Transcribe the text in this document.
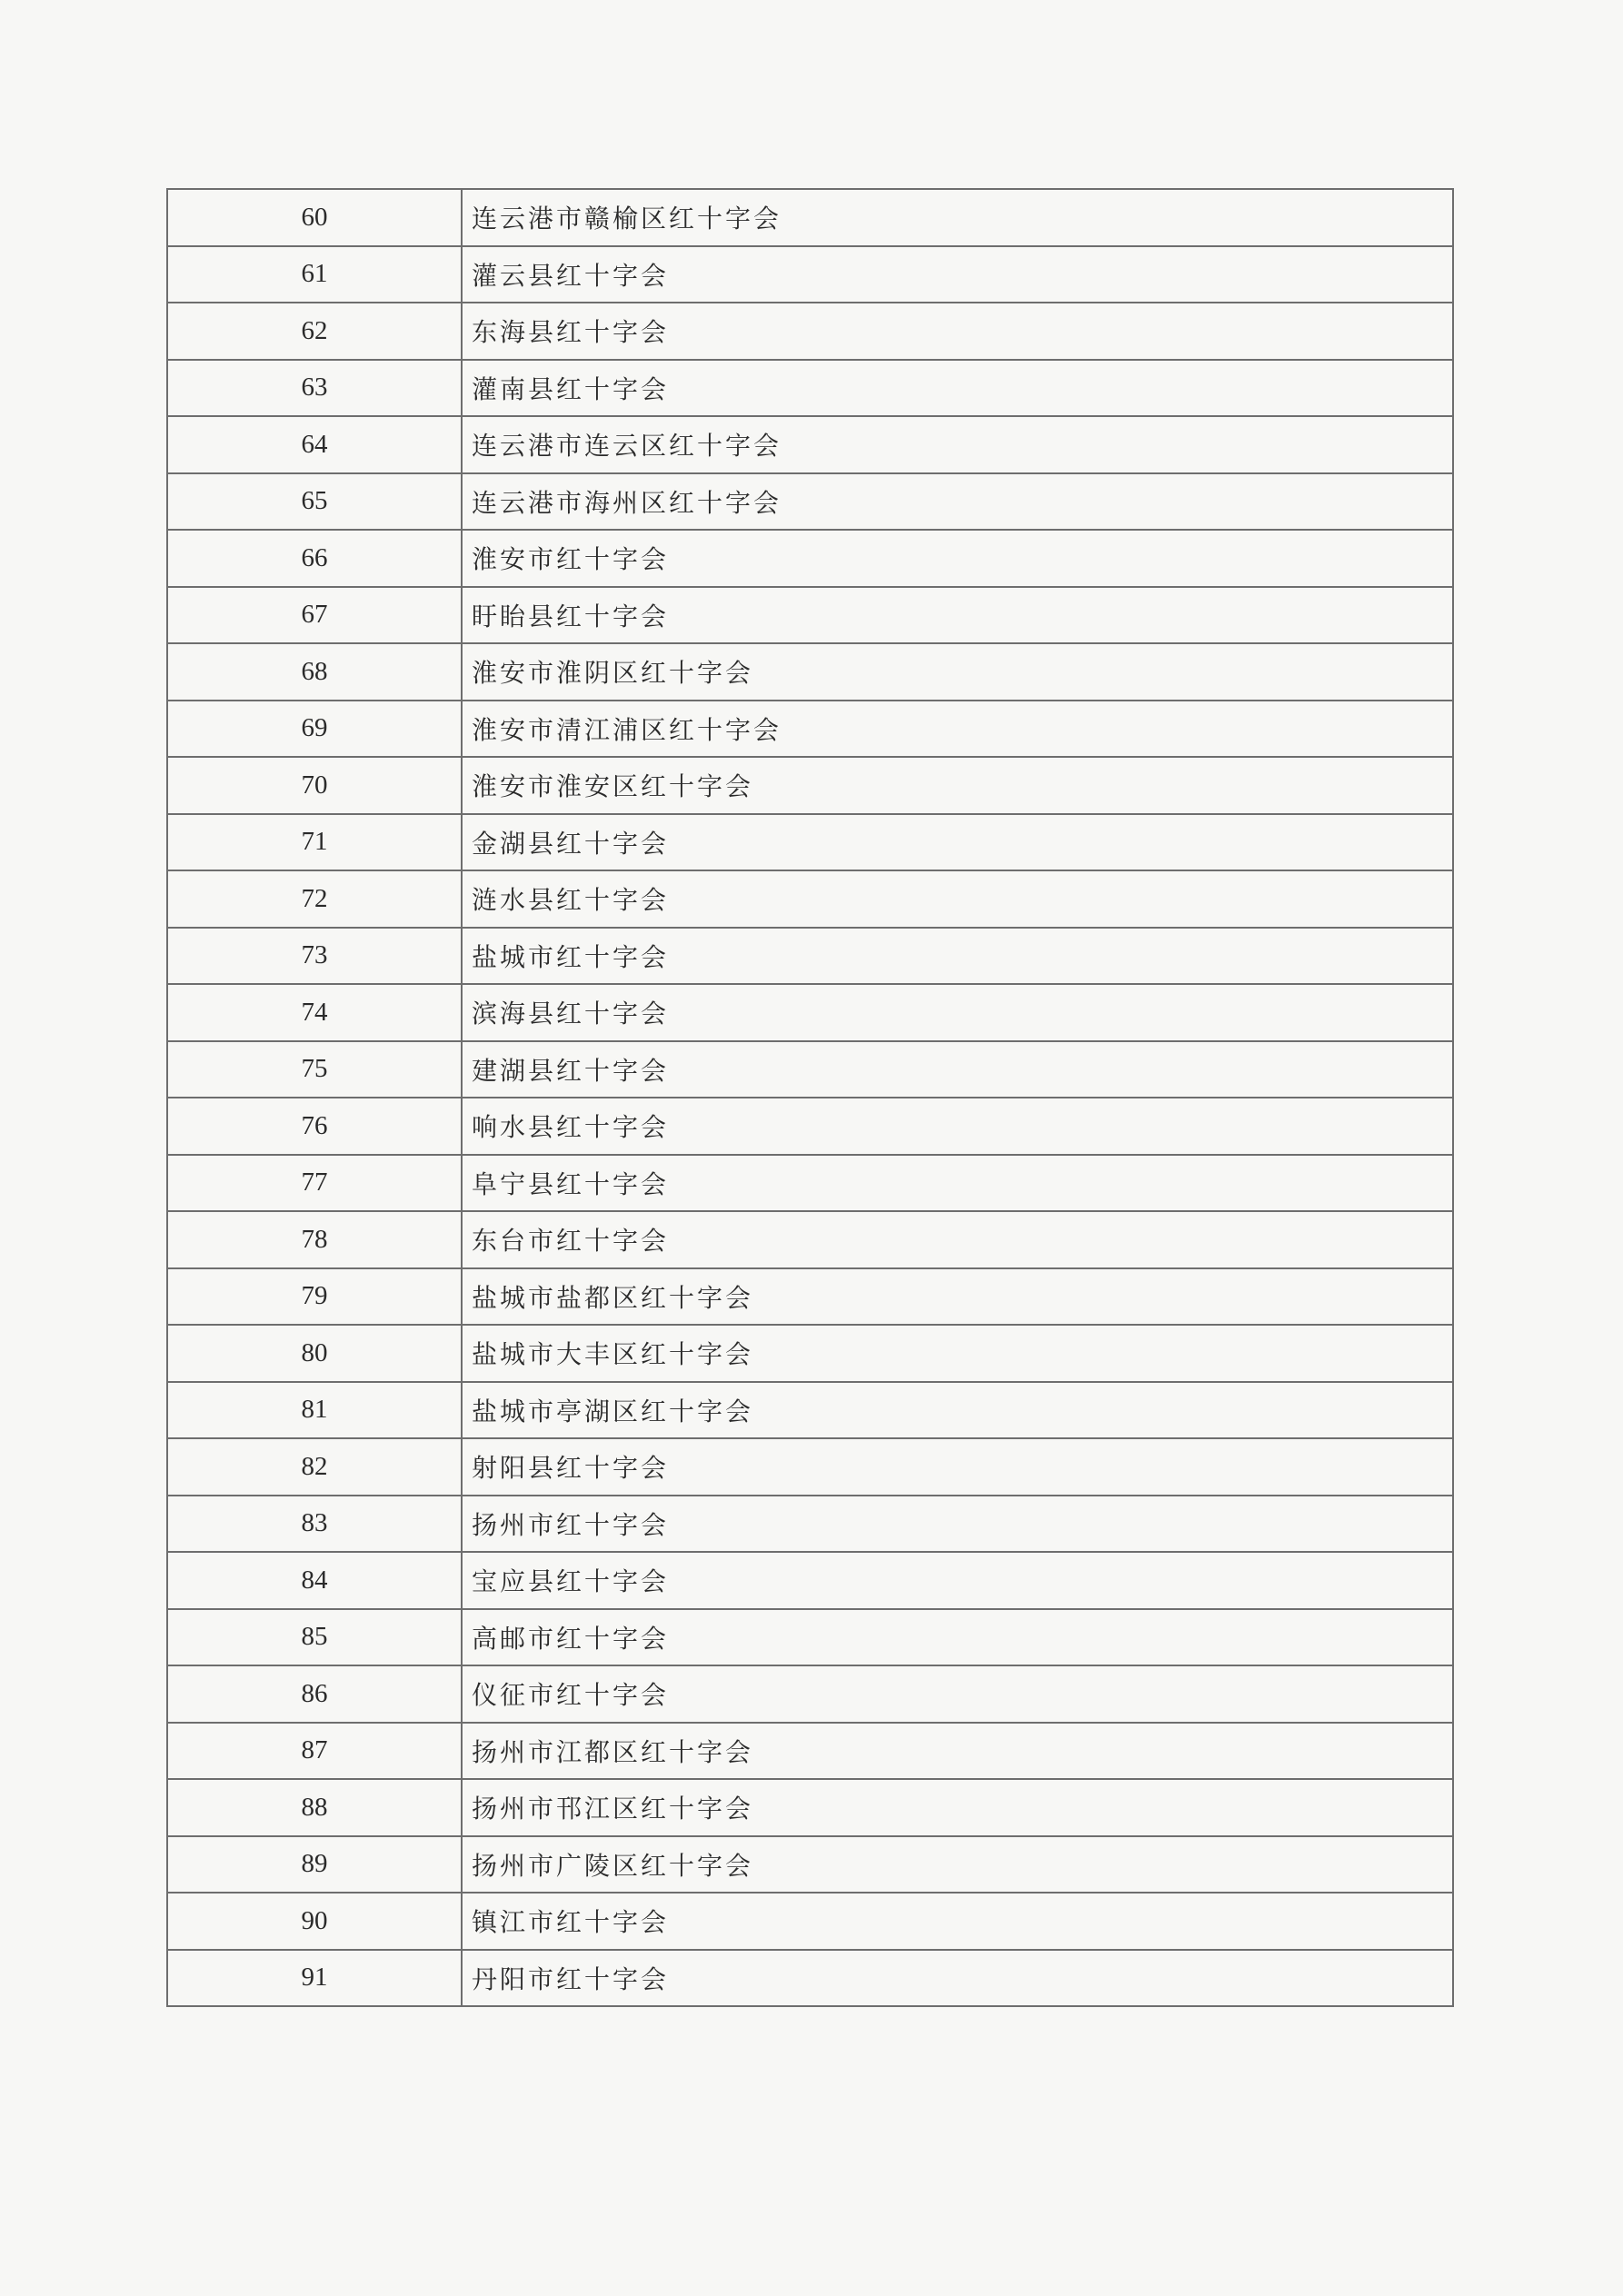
60	连云港市赣榆区红十字会
61	灌云县红十字会
62	东海县红十字会
63	灌南县红十字会
64	连云港市连云区红十字会
65	连云港市海州区红十字会
66	淮安市红十字会
67	盱眙县红十字会
68	淮安市淮阴区红十字会
69	淮安市清江浦区红十字会
70	淮安市淮安区红十字会
71	金湖县红十字会
72	涟水县红十字会
73	盐城市红十字会
74	滨海县红十字会
75	建湖县红十字会
76	响水县红十字会
77	阜宁县红十字会
78	东台市红十字会
79	盐城市盐都区红十字会
80	盐城市大丰区红十字会
81	盐城市亭湖区红十字会
82	射阳县红十字会
83	扬州市红十字会
84	宝应县红十字会
85	高邮市红十字会
86	仪征市红十字会
87	扬州市江都区红十字会
88	扬州市邗江区红十字会
89	扬州市广陵区红十字会
90	镇江市红十字会
91	丹阳市红十字会
